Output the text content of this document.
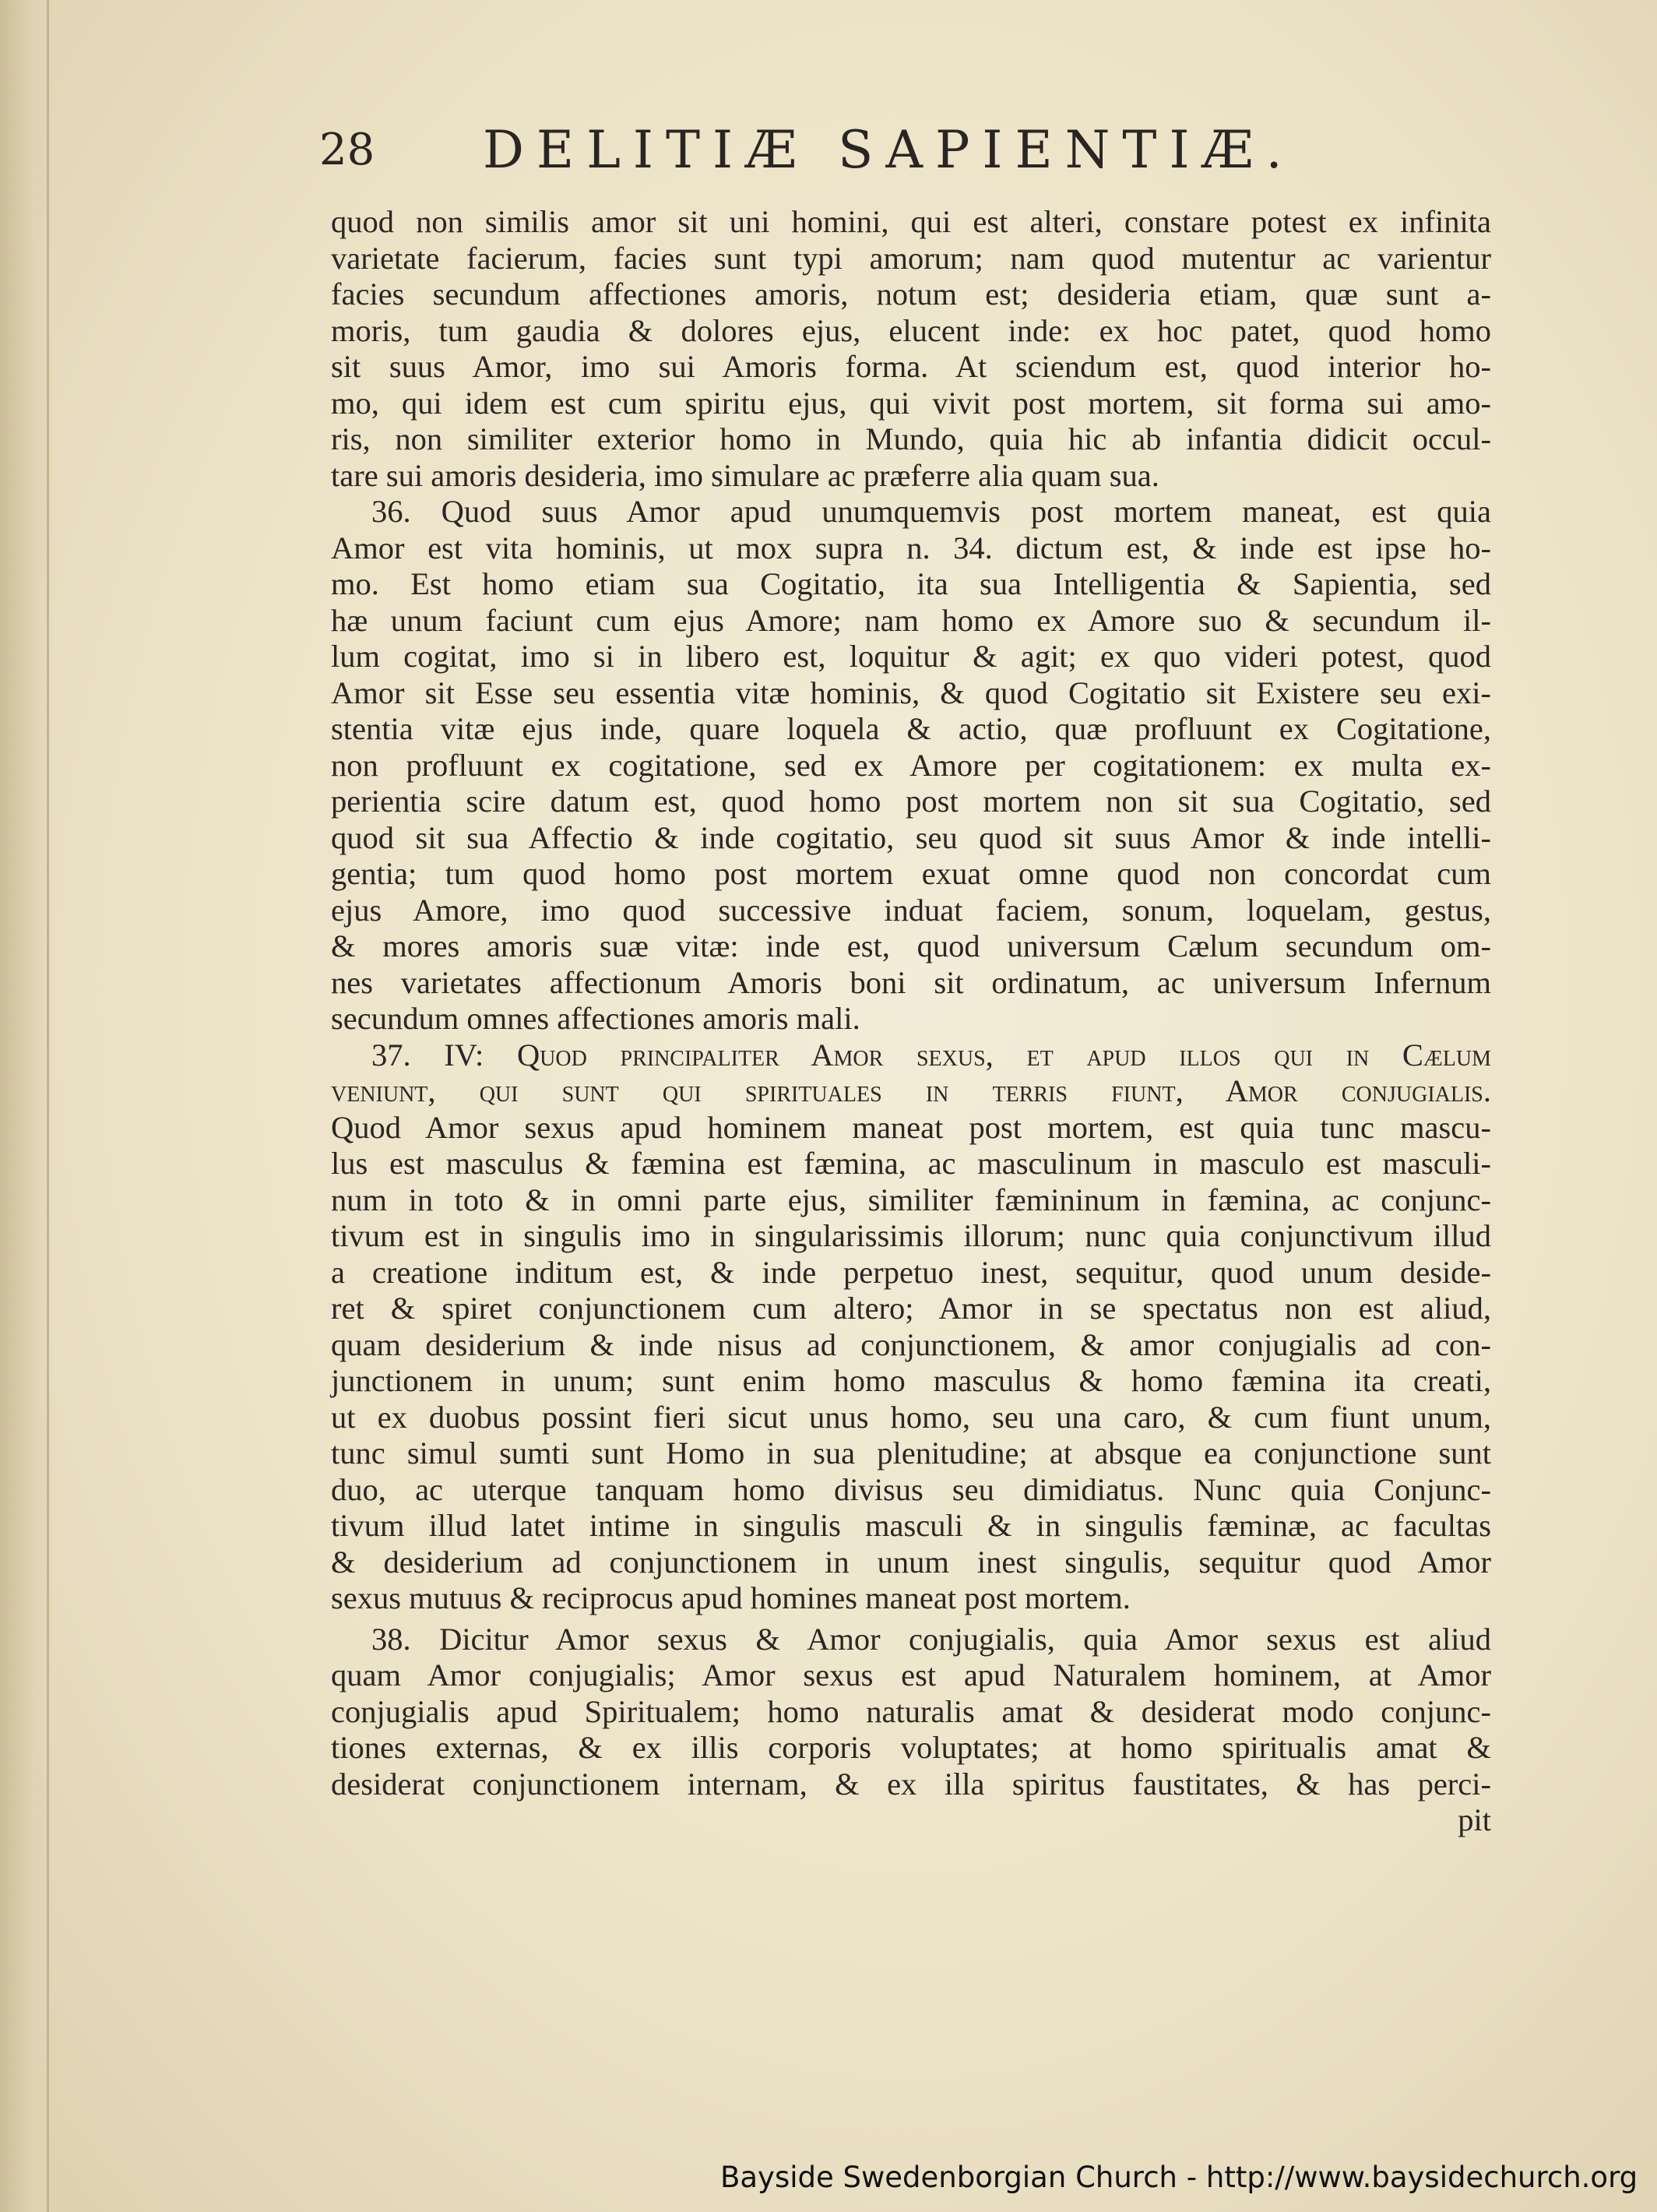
28 DELITIÆ SAPIENTIÆ.
quod non similis amor sit uni homini, qui est alteri, constare potest ex infinita
varietate facierum, facies sunt typi amorum; nam quod mutentur ac varientur
facies secundum affectiones amoris, notum est; desideria etiam, quæ sunt a-
moris, tum gaudia & dolores ejus, elucent inde: ex hoc patet, quod homo
sit suus Amor, imo sui Amoris forma. At sciendum est, quod interior ho-
mo, qui idem est cum spiritu ejus, qui vivit post mortem, sit forma sui amo-
ris, non similiter exterior homo in Mundo, quia hic ab infantia didicit occul-
tare sui amoris desideria, imo simulare ac præferre alia quam sua.
36. Quod suus Amor apud unumquemvis post mortem maneat, est quia
Amor est vita hominis, ut mox supra n. 34. dictum est, & inde est ipse ho-
mo. Est homo etiam sua Cogitatio, ita sua Intelligentia & Sapientia, sed
hæ unum faciunt cum ejus Amore; nam homo ex Amore suo & secundum il-
lum cogitat, imo si in libero est, loquitur & agit; ex quo videri potest, quod
Amor sit Esse seu essentia vitæ hominis, & quod Cogitatio sit Existere seu exi-
stentia vitæ ejus inde, quare loquela & actio, quæ profluunt ex Cogitatione,
non profluunt ex cogitatione, sed ex Amore per cogitationem: ex multa ex-
perientia scire datum est, quod homo post mortem non sit sua Cogitatio, sed
quod sit sua Affectio & inde cogitatio, seu quod sit suus Amor & inde intelli-
gentia; tum quod homo post mortem exuat omne quod non concordat cum
ejus Amore, imo quod successive induat faciem, sonum, loquelam, gestus,
& mores amoris suæ vitæ: inde est, quod universum Cælum secundum om-
nes varietates affectionum Amoris boni sit ordinatum, ac universum Infernum
secundum omnes affectiones amoris mali.
37. IV: Quod principaliter Amor sexus, et apud illos qui in Cælum
veniunt, qui sunt qui spirituales in terris fiunt, Amor conjugialis.
Quod Amor sexus apud hominem maneat post mortem, est quia tunc mascu-
lus est masculus & fæmina est fæmina, ac masculinum in masculo est masculi-
num in toto & in omni parte ejus, similiter fæmininum in fæmina, ac conjunc-
tivum est in singulis imo in singularissimis illorum; nunc quia conjunctivum illud
a creatione inditum est, & inde perpetuo inest, sequitur, quod unum deside-
ret & spiret conjunctionem cum altero; Amor in se spectatus non est aliud,
quam desiderium & inde nisus ad conjunctionem, & amor conjugialis ad con-
junctionem in unum; sunt enim homo masculus & homo fæmina ita creati,
ut ex duobus possint fieri sicut unus homo, seu una caro, & cum fiunt unum,
tunc simul sumti sunt Homo in sua plenitudine; at absque ea conjunctione sunt
duo, ac uterque tanquam homo divisus seu dimidiatus. Nunc quia Conjunc-
tivum illud latet intime in singulis masculi & in singulis fæminæ, ac facultas
& desiderium ad conjunctionem in unum inest singulis, sequitur quod Amor
sexus mutuus & reciprocus apud homines maneat post mortem.
38. Dicitur Amor sexus & Amor conjugialis, quia Amor sexus est aliud
quam Amor conjugialis; Amor sexus est apud Naturalem hominem, at Amor
conjugialis apud Spiritualem; homo naturalis amat & desiderat modo conjunc-
tiones externas, & ex illis corporis voluptates; at homo spiritualis amat &
desiderat conjunctionem internam, & ex illa spiritus faustitates, & has perci-
pit
Bayside Swedenborgian Church - http://www.baysidechurch.org
